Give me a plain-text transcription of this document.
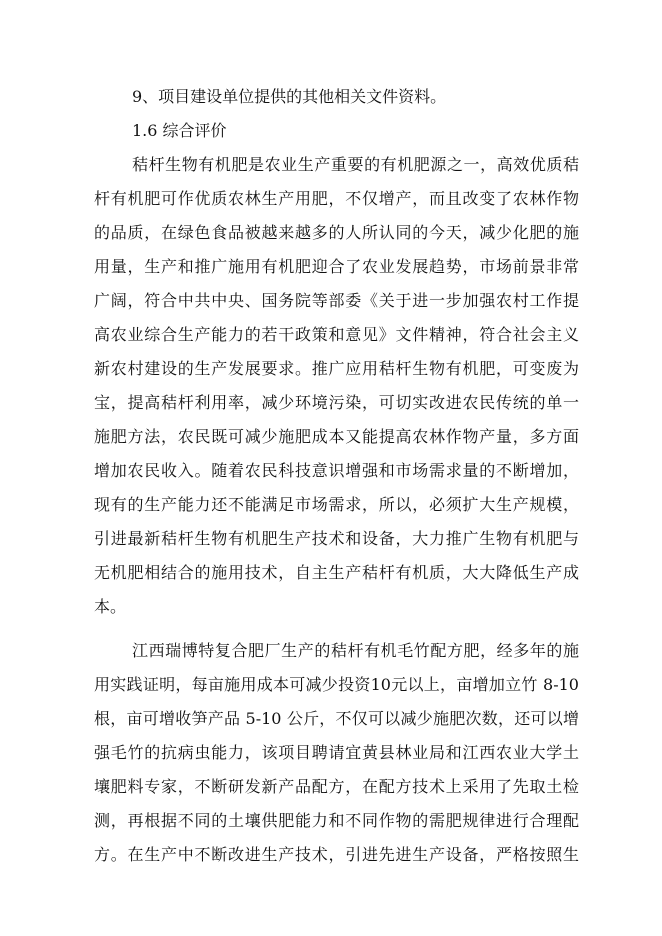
9、项目建设单位提供的其他相关文件资料。
1.6 综合评价
秸杆生物有机肥是农业生产重要的有机肥源之一，高效优质秸
杆有机肥可作优质农林生产用肥，不仅增产，而且改变了农林作物
的品质，在绿色食品被越来越多的人所认同的今天，减少化肥的施
用量，生产和推广施用有机肥迎合了农业发展趋势，市场前景非常
广阔，符合中共中央、国务院等部委《关于进一步加强农村工作提
高农业综合生产能力的若干政策和意见》文件精神，符合社会主义
新农村建设的生产发展要求。推广应用秸杆生物有机肥，可变废为
宝，提高秸杆利用率，减少环境污染，可切实改进农民传统的单一
施肥方法，农民既可减少施肥成本又能提高农林作物产量，多方面
增加农民收入。随着农民科技意识增强和市场需求量的不断增加，
现有的生产能力还不能满足市场需求，所以，必须扩大生产规模，
引进最新秸杆生物有机肥生产技术和设备，大力推广生物有机肥与
无机肥相结合的施用技术，自主生产秸杆有机质，大大降低生产成
本。
江西瑞博特复合肥厂生产的秸杆有机毛竹配方肥，经多年的施
用实践证明，每亩施用成本可减少投资10元以上，亩增加立竹 8-10
根，亩可增收笋产品 5-10 公斤，不仅可以减少施肥次数，还可以增
强毛竹的抗病虫能力，该项目聘请宜黄县林业局和江西农业大学土
壤肥料专家，不断研发新产品配方，在配方技术上采用了先取土检
测，再根据不同的土壤供肥能力和不同作物的需肥规律进行合理配
方。在生产中不断改进生产技术，引进先进生产设备，严格按照生
